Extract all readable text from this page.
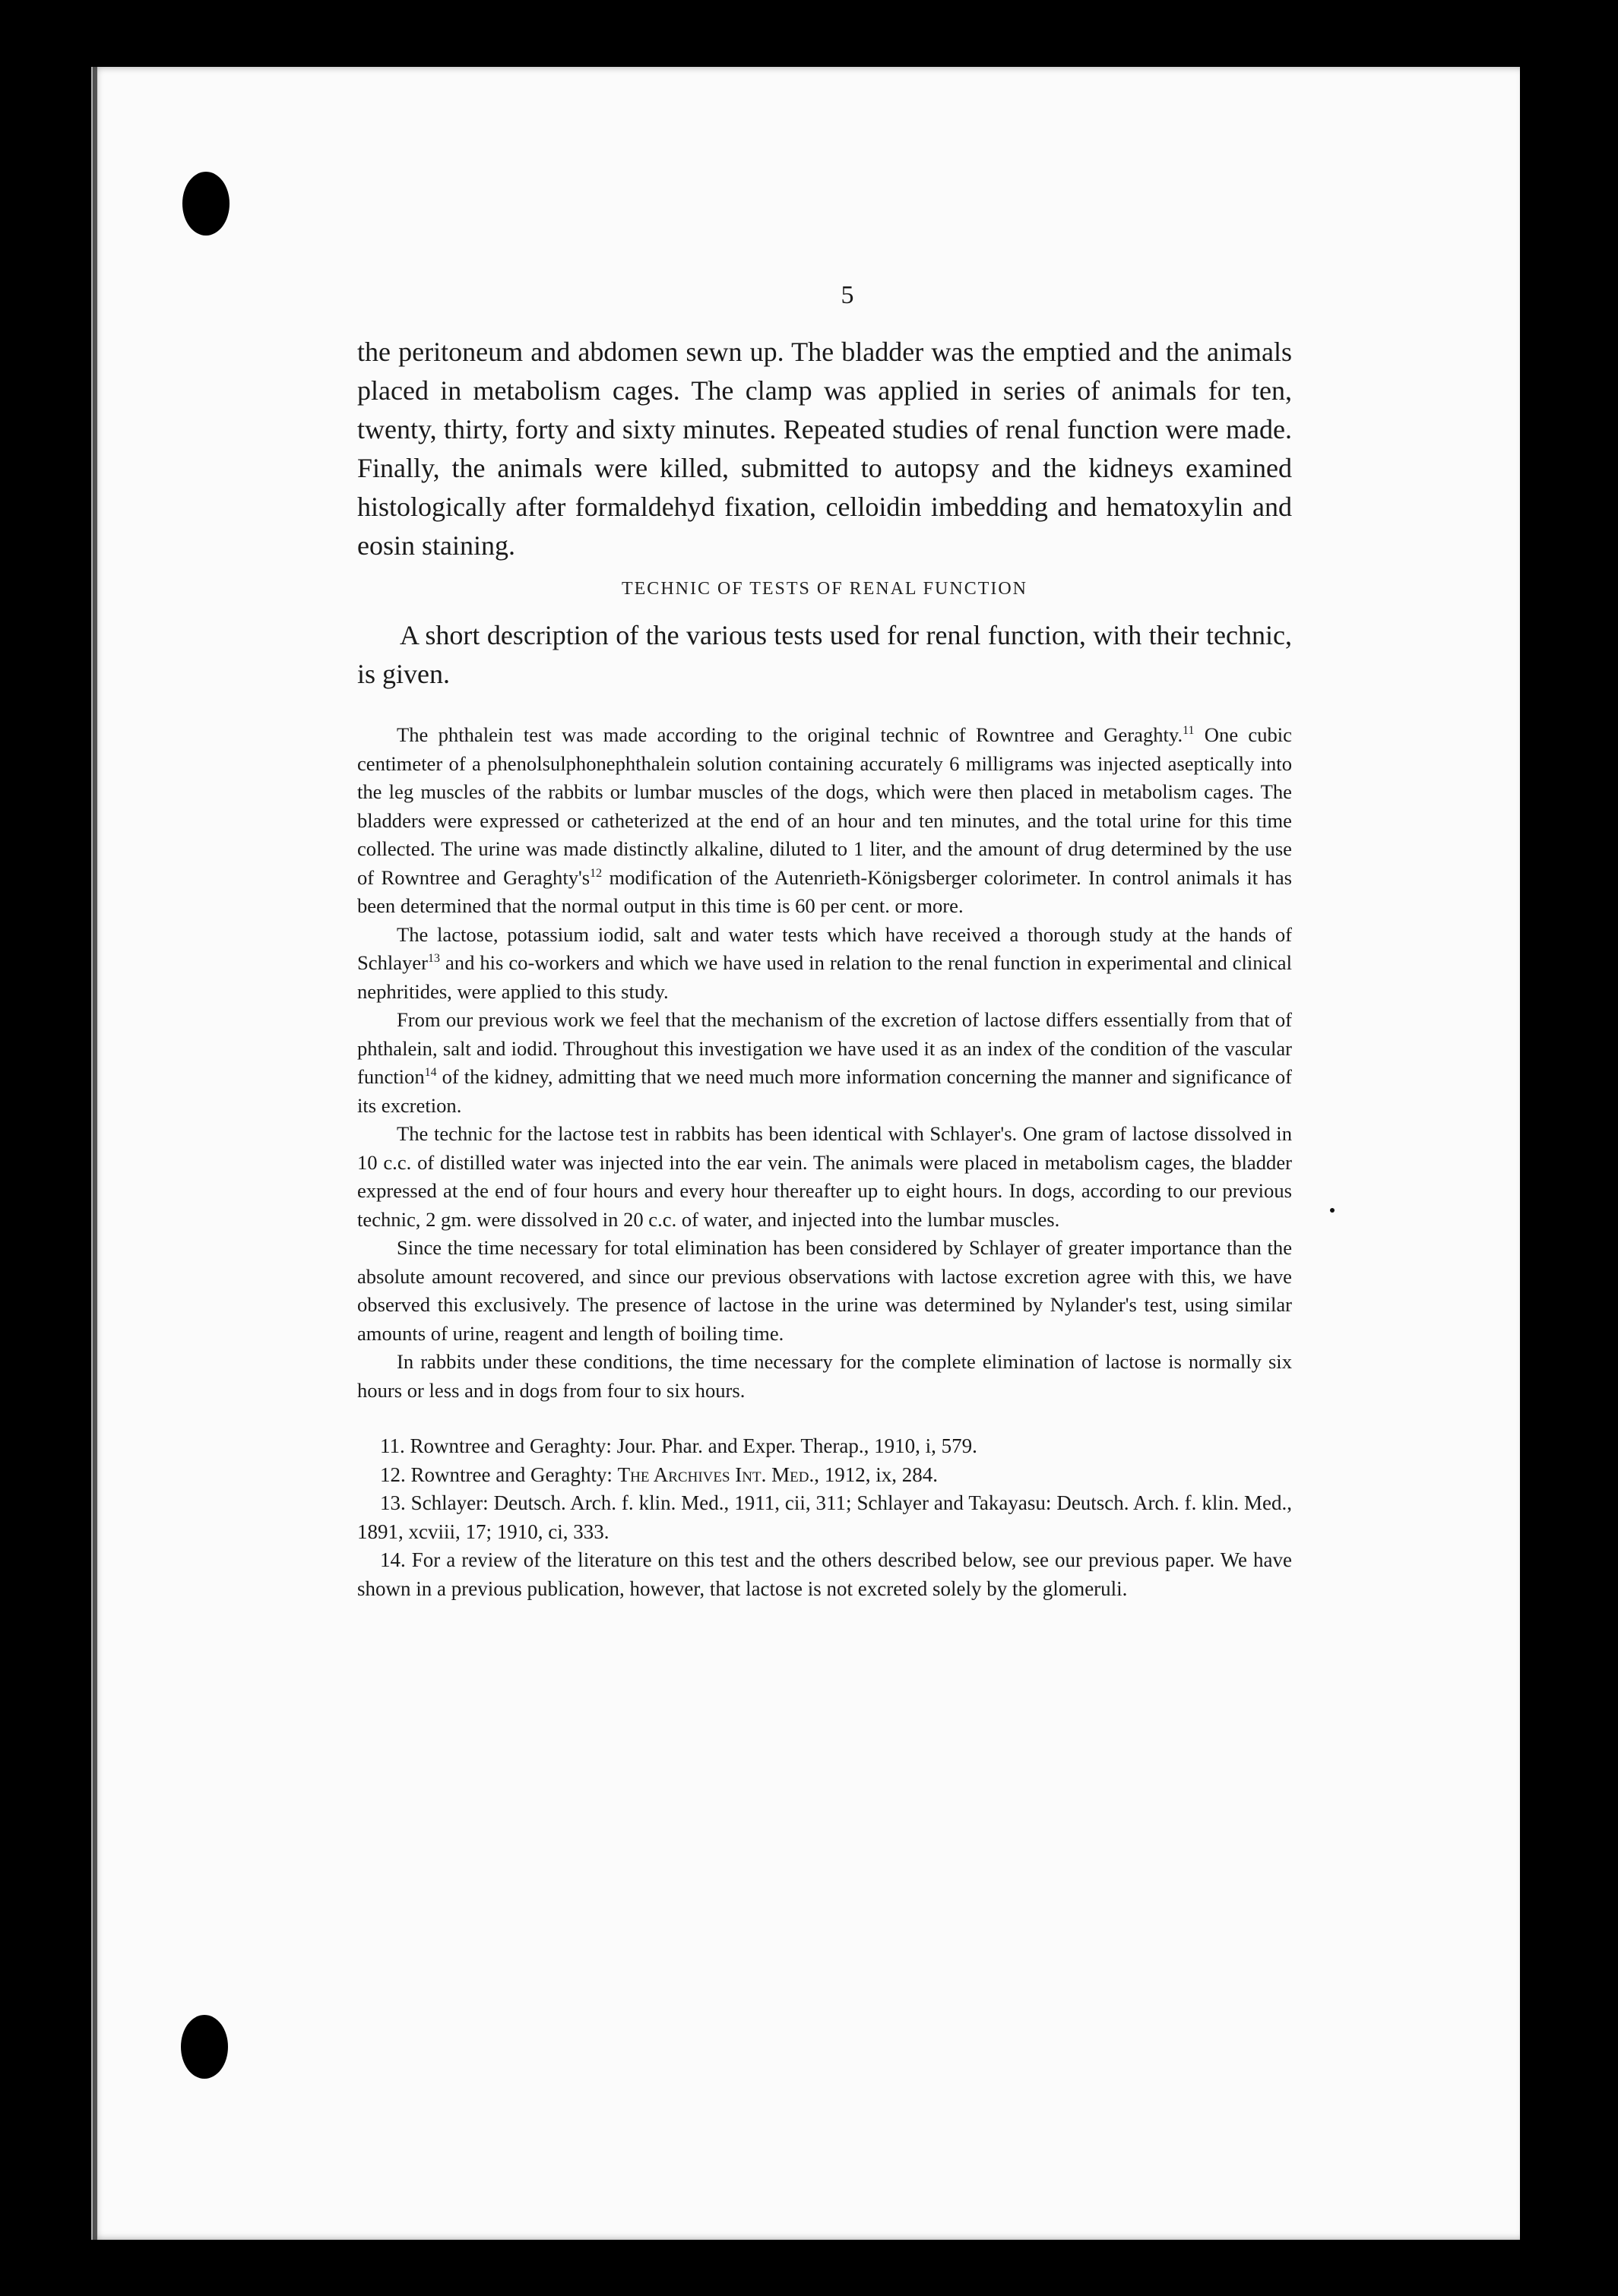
5

the peritoneum and abdomen sewn up. The bladder was the emptied and the animals placed in metabolism cages. The clamp was applied in series of animals for ten, twenty, thirty, forty and sixty minutes. Repeated studies of renal function were made. Finally, the animals were killed, submitted to autopsy and the kidneys examined histologically after formaldehyd fixation, celloidin imbedding and hematoxylin and eosin staining.

TECHNIC OF TESTS OF RENAL FUNCTION

A short description of the various tests used for renal function, with their technic, is given.

The phthalein test was made according to the original technic of Rowntree and Geraghty.$^{11}$ One cubic centimeter of a phenolsulphonephthalein solution containing accurately 6 milligrams was injected aseptically into the leg muscles of the rabbits or lumbar muscles of the dogs, which were then placed in metabolism cages. The bladders were expressed or catheterized at the end of an hour and ten minutes, and the total urine for this time collected. The urine was made distinctly alkaline, diluted to 1 liter, and the amount of drug determined by the use of Rowntree and $Geraghty's^{12}$ modification of the Autenrieth-Königsberger colorimeter. In control animals it has been determined that the normal output in this time is 60 per cent. or more.

The lactose, potassium iodid, salt and water tests which have received a thorough study at the hands of Schlayer$^{13}$ and his co-workers and which we have used in relation to the renal function in experimental and clinical nephritides, were applied to this study.

From our previous work we feel that the mechanism of the excretion of lactose differs essentially from that of phthalein, salt and iodid. Throughout this investigation we have used it as an index of the condition of the vascular function$^{14}$ of the kidney, admitting that we need much more information concerning the manner and significance of its excretion.

The technic for the lactose test in rabbits has been identical with Schlayer's. One gram of lactose dissolved in 10 c.c. of distilled water was injected into the ear vein. The animals were placed in metabolism cages, the bladder expressed at the end of four hours and every hour thereafter up to eight hours. In dogs, according to our previous technic, 2 gm. were dissolved in 20 c.c. of water, and injected into the lumbar muscles.

Since the time necessary for total elimination has been considered by Schlayer of greater importance than the absolute amount recovered, and since our previous observations with lactose excretion agree with this, we have observed this exclusively. The presence of lactose in the urine was determined by Nylander's test, using similar amounts of urine, reagent and length of boiling time.

In rabbits under these conditions, the time necessary for the complete elimination of lactose is normally six hours or less and in dogs from four to six hours.

11. Rowntree and Geraghty: Jour. Phar. and Exper. Therap., 1910, i, 579.

12. Rowntree and Geraghty: The Archives Int. Med., 1912, ix, 284.

13. Schlayer: Deutsch. Arch. f. klin. Med., 1911, cii, 311; Schlayer and Takayasu: Deutsch. Arch. f. klin. Med., 1891, xcviii, 17; 1910, ci, 333.

14. For a review of the literature on this test and the others described below, see our previous paper. We have shown in a previous publication, however, that lactose is not excreted solely by the glomeruli.
